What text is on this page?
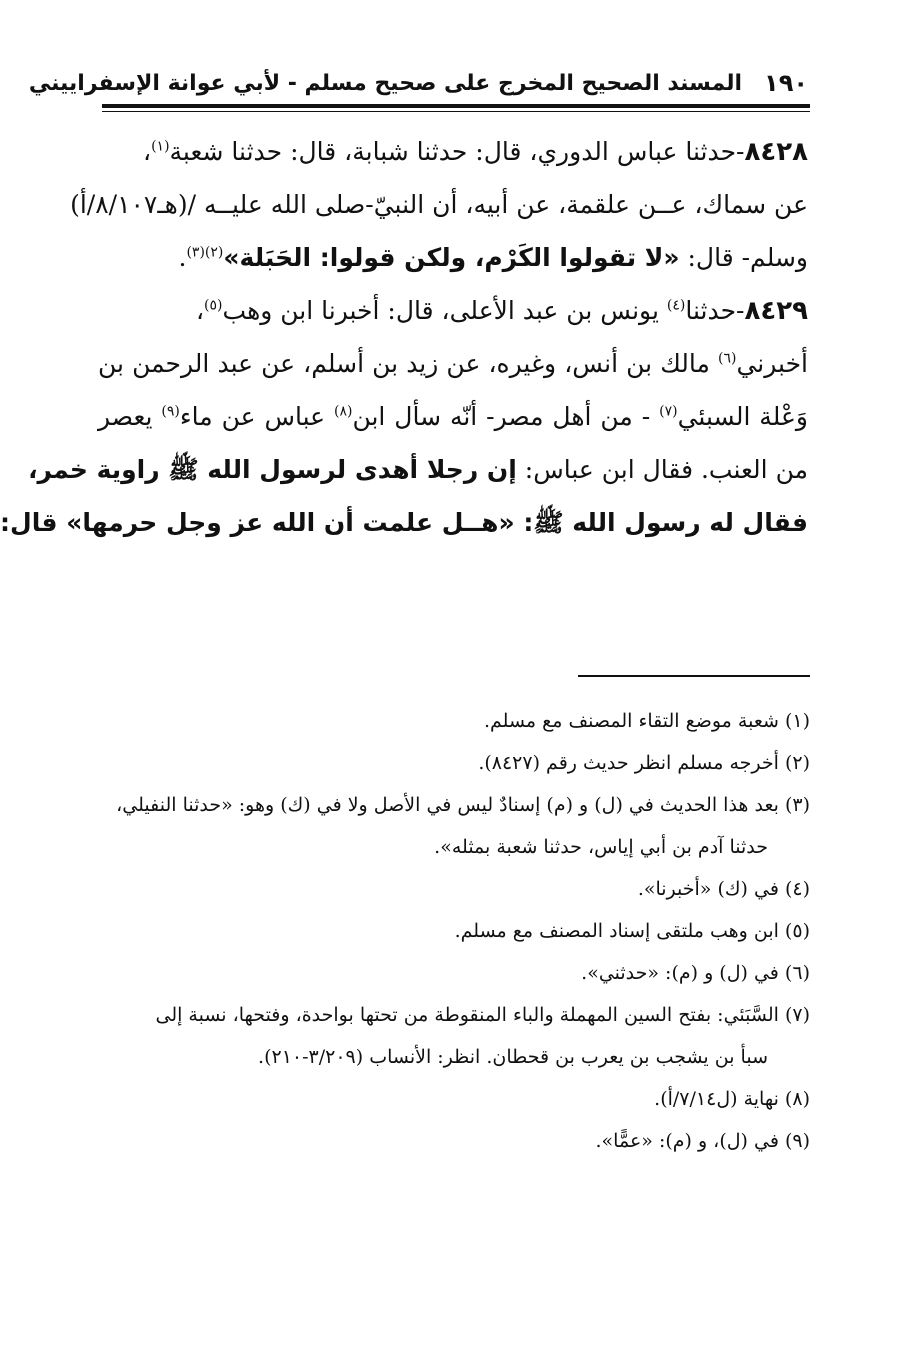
١٩٠
المسند الصحيح المخرج على صحيح مسلم - لأبي عوانة الإسفراييني
٨٤٢٨-حدثنا عباس الدوري، قال: حدثنا شبابة، قال: حدثنا شعبة$^{(١)}$،
عن سماك، عــن علقمة، عن أبيه، أن النبيّ-صلى الله عليــه /(هـ٨/١٠٧/أ)
وسلم- قال: «لا تقولوا الكَرْم، ولكن قولوا: الحَبَلة»$^{(٢)(٣)}$.
٨٤٢٩-حدثنا$^{(٤)}$ يونس بن عبد الأعلى، قال: أخبرنا ابن وهب$^{(٥)}$،
أخبرني$^{(٦)}$ مالك بن أنس، وغيره، عن زيد بن أسلم، عن عبد الرحمن بن
وَعْلة السبئي$^{(٧)}$ - من أهل مصر- أنّه سأل ابن$^{(٨)}$ عباس عن ماء$^{(٩)}$ يعصر
من العنب. فقال ابن عباس: إن رجلا أهدى لرسول الله ﷺ راوية خمر،
فقال له رسول الله ﷺ: «هــل علمت أن الله عز وجل حرمها» قال:
(١) شعبة موضع التقاء المصنف مع مسلم.
(٢) أخرجه مسلم انظر حديث رقم (٨٤٢٧).
(٣) بعد هذا الحديث في (ل) و (م) إسنادٌ ليس في الأصل ولا في (ك) وهو: «حدثنا النفيلي،
حدثنا آدم بن أبي إياس، حدثنا شعبة بمثله».
(٤) في (ك) «أخبرنا».
(٥) ابن وهب ملتقى إسناد المصنف مع مسلم.
(٦) في (ل) و (م): «حدثني».
(٧) السَّبَئي: بفتح السين المهملة والباء المنقوطة من تحتها بواحدة، وفتحها، نسبة إلى
سبأ بن يشجب بن يعرب بن قحطان. انظر: الأنساب (٣/٢٠٩-٢١٠).
(٨) نهاية (ل٧/١٤/أ).
(٩) في (ل)، و (م): «عمًّا».
